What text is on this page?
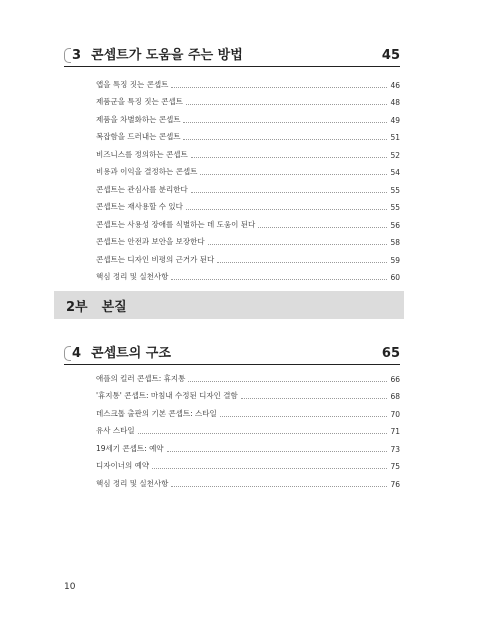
3 콘셉트가 도움을 주는 방법	45
앱을 특징 짓는 콘셉트	46
제품군을 특징 짓는 콘셉트	48
제품을 차별화하는 콘셉트	49
복잡함을 드러내는 콘셉트	51
비즈니스를 정의하는 콘셉트	52
비용과 이익을 결정하는 콘셉트	54
콘셉트는 관심사를 분리한다	55
콘셉트는 재사용할 수 있다	55
콘셉트는 사용성 장애를 식별하는 데 도움이 된다	56
콘셉트는 안전과 보안을 보장한다	58
콘셉트는 디자인 비평의 근거가 된다	59
핵심 정리 및 실천사항	60
2부 본질
4 콘셉트의 구조	65
애플의 킬러 콘셉트: 휴지통	66
'휴지통' 콘셉트: 마침내 수정된 디자인 결함	68
데스크톱 출판의 기본 콘셉트: 스타일	70
유사 스타일	71
19세기 콘셉트: 예약	73
디자이너의 예약	75
핵심 정리 및 실천사항	76
10
